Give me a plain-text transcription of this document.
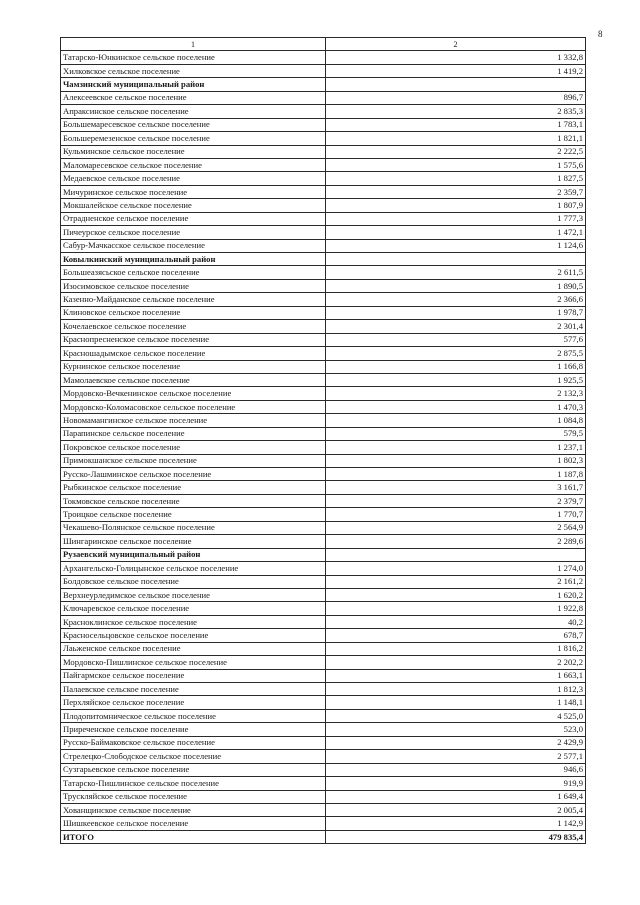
8
1	2
Татарско-Юнкинское сельское поселение	1 332,8
Хилковское сельское поселение	1 419,2
Чамзинский муниципальный район	
Алексеевское сельское поселение	896,7
Апраксинское сельское поселение	2 835,3
Большемаресевское сельское поселение	1 783,1
Большеремезенское сельское поселение	1 821,1
Кульминское сельское поселение	2 222,5
Маломаресевское сельское поселение	1 575,6
Медаевское сельское поселение	1 827,5
Мичуринское сельское поселение	2 359,7
Мокшалейское сельское поселение	1 807,9
Отрадненское сельское поселение	1 777,3
Пичеурское сельское поселение	1 472,1
Сабур-Мачкасское сельское поселение	1 124,6
Ковылкинский муниципальный район	
Большеазясьское сельское поселение	2 611,5
Изосимовское сельское поселение	1 890,5
Казенно-Майданское сельское поселение	2 366,6
Клиновское сельское поселение	1 978,7
Кочелаевское сельское поселение	2 301,4
Краснопресненское сельское поселение	577,6
Красношадымское сельское поселение	2 875,5
Курнинское сельское поселение	1 166,8
Мамолаевское сельское поселение	1 925,5
Мордовско-Вечкенинское сельское поселение	2 132,3
Мордовско-Коломасовское сельское поселение	1 470,3
Новомамангинское сельское поселение	1 084,8
Парапинское сельское поселение	579,5
Покровское сельское поселение	1 237,1
Примокшанское сельское поселение	1 802,3
Русско-Лашминское сельское поселение	1 187,8
Рыбкинское сельское поселение	3 161,7
Токмовское сельское поселение	2 379,7
Троицкое сельское поселение	1 770,7
Чекашево-Полянское сельское поселение	2 564,9
Шингаринское сельское поселение	2 289,6
Рузаевский муниципальный район	
Архангельско-Голицынское сельское поселение	1 274,0
Болдовское сельское поселение	2 161,2
Верхнеурледимское сельское поселение	1 620,2
Ключаревское сельское поселение	1 922,8
Красноклинское сельское поселение	40,2
Красносельцовское сельское поселение	678,7
Лаьженское сельское поселение	1 816,2
Мордовско-Пишлинское сельское поселение	2 202,2
Пайгармское сельское поселение	1 663,1
Палаевское сельское поселение	1 812,3
Перхляйское сельское поселение	1 148,1
Плодопитомническое сельское поселение	4 525,0
Приреченское сельское поселение	523,0
Русско-Баймаковское сельское поселение	2 429,9
Стрелецко-Слободское сельское поселение	2 577,1
Сузгарьевское сельское поселение	946,6
Татарско-Пишлинское сельское поселение	919,9
Трускляйское сельское поселение	1 649,4
Хованщинское сельское поселение	2 005,4
Шишкеевское сельское поселение	1 142,9
ИТОГО	479 835,4
